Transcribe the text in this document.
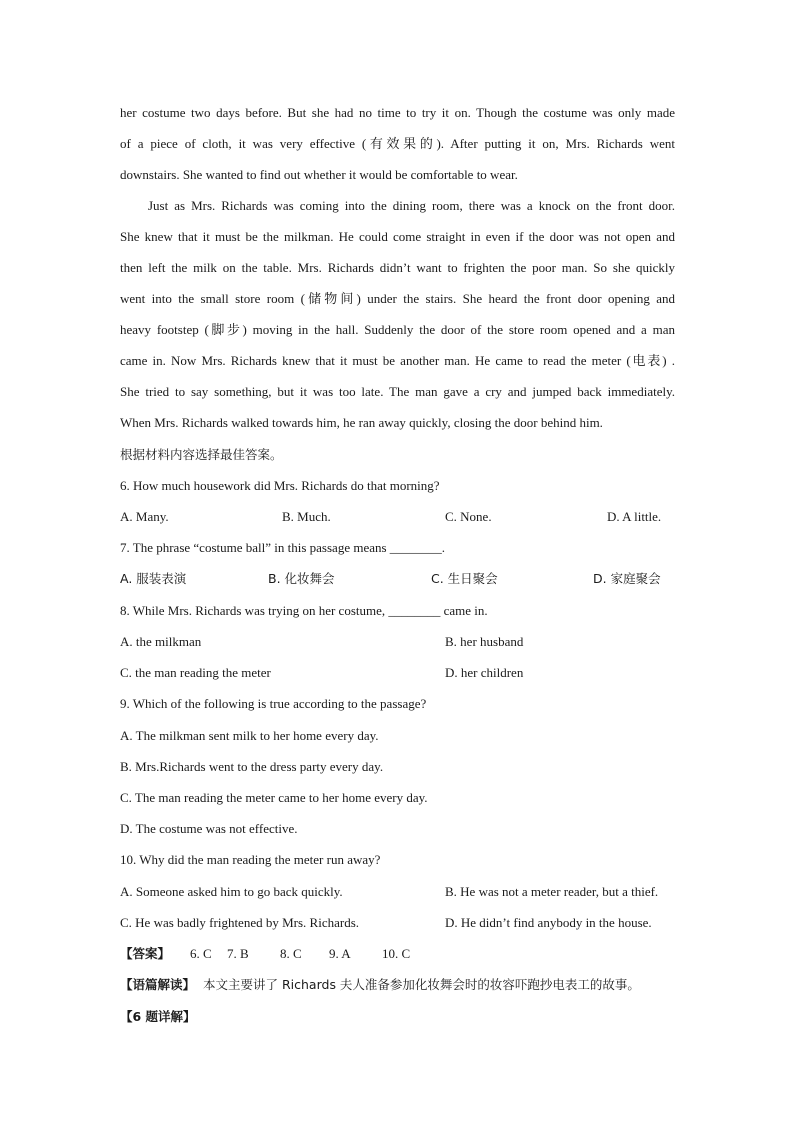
her costume two days before. But she had no time to try it on. Though the costume was only made
of a piece of cloth, it was very effective (有效果的). After putting it on, Mrs. Richards went
downstairs. She wanted to find out whether it would be comfortable to wear.
Just as Mrs. Richards was coming into the dining room, there was a knock on the front door.
She knew that it must be the milkman. He could come straight in even if the door was not open and
then left the milk on the table. Mrs. Richards didn’t want to frighten the poor man. So she quickly
went into the small store room (储物间) under the stairs. She heard the front door opening and
heavy footstep (脚步) moving in the hall. Suddenly the door of the store room opened and a man
came in. Now Mrs. Richards knew that it must be another man. He came to read the meter (电表) .
She tried to say something, but it was too late. The man gave a cry and jumped back immediately.
When Mrs. Richards walked towards him, he ran away quickly, closing the door behind him.
根据材料内容选择最佳答案。
6. How much housework did Mrs. Richards do that morning?
A. Many.	B. Much.	C. None.	D. A little.
7. The phrase “costume ball” in this passage means ________.
A. 服装表演	B. 化妆舞会	C. 生日聚会	D. 家庭聚会
8. While Mrs. Richards was trying on her costume, ________ came in.
A. the milkman	B. her husband
C. the man reading the meter	D. her children
9. Which of the following is true according to the passage?
A. The milkman sent milk to her home every day.
B. Mrs.Richards went to the dress party every day.
C. The man reading the meter came to her home every day.
D. The costume was not effective.
10. Why did the man reading the meter run away?
A. Someone asked him to go back quickly.	B. He was not a meter reader, but a thief.
C. He was badly frightened by Mrs. Richards.	D. He didn’t find anybody in the house.
【答案】 6. C 7. B 8. C 9. A 10. C
【语篇解读】 本文主要讲了 Richards 夫人准备参加化妆舞会时的妆容吓跑抄电表工的故事。
【6 题详解】
